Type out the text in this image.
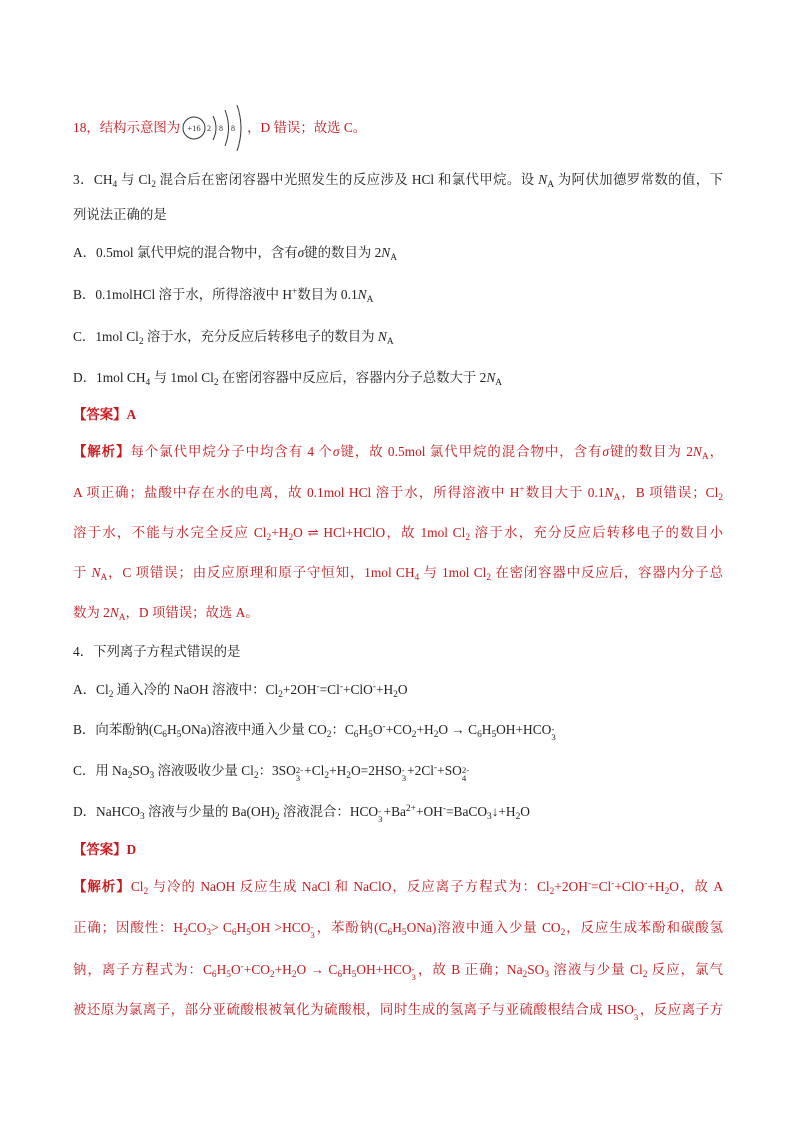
18，结构示意图为 +16 2 8 8 ，D 错误；故选 C。
3．$CH_4$ 与 $Cl_2$ 混合后在密闭容器中光照发生的反应涉及 HCl 和氯代甲烷。设 $N_A$ 为阿伏加德罗常数的值，下
列说法正确的是
A．0.5mol 氯代甲烷的混合物中，含有σ键的数目为 $2N_A$
B．0.1molHCl 溶于水，所得溶液中 H+数目为 $0.1N_A$
C．1mol $Cl_2$ 溶于水，充分反应后转移电子的数目为 $N_A$
D．1mol $CH_4$ 与 1mol $Cl_2$ 在密闭容器中反应后，容器内分子总数大于 $2N_A$
【答案】A
【解析】每个氯代甲烷分子中均含有 4 个σ键，故 0.5mol 氯代甲烷的混合物中，含有σ键的数目为 $2N_A$，
A 项正确；盐酸中存在水的电离，故 0.1mol HCl 溶于水，所得溶液中 H+数目大于 $0.1N_A$，B 项错误；$Cl_2$
溶于水，不能与水完全反应 $Cl_2+H_2O$ ⇌ HCl+HClO，故 1mol $Cl_2$ 溶于水，充分反应后转移电子的数目小
于 $N_A$，C 项错误；由反应原理和原子守恒知，1mol $CH_4$ 与 1mol $Cl_2$ 在密闭容器中反应后，容器内分子总
数为 $2N_A$，D 项错误；故选 A。
4．下列离子方程式错误的是
A．$Cl_2$ 通入冷的 NaOH 溶液中：$Cl_2+2OH^-=Cl^-+ClO^-+H_2O$
B．向苯酚钠$(C_6H_5ONa)$溶液中通入少量 $CO_2$：$C_6H_5O^-+CO_2+H_2O \to C_6H_5OH+HCO$ -
3
C．用 $Na_2SO_3$ 溶液吸收少量 $Cl_2$：3SO 2-
3
$+Cl_2+H_2O=2HSO$ -
3
+2Cl-+SO 2-
4
D．NaHCO$_3$ 溶液与少量的 $Ba(OH)_2$ 溶液混合：HCO -
3
$+Ba^{2+}+OH^-=BaCO_3↓+H_2O$
【答案】D
【解析】$Cl_2$ 与冷的 NaOH 反应生成 NaCl 和 NaClO，反应离子方程式为：$Cl_2+2OH^-=Cl^-+ClO^-+H_2O$，故 A
正确；因酸性：$H_2CO_3> C_6H_5OH >HCO$ -
3
，苯酚钠$(C_6H_5ONa)$溶液中通入少量 $CO_2$，反应生成苯酚和碳酸氢
钠，离子方程式为：$C_6H_5O^-+CO_2+H_2O \to C_6H_5OH+HCO$ -
3
，故 B 正确；$Na_2SO_3$ 溶液与少量 $Cl_2$ 反应，氯气
被还原为氯离子，部分亚硫酸根被氧化为硫酸根，同时生成的氢离子与亚硫酸根结合成 HSO -
3
，反应离子方
